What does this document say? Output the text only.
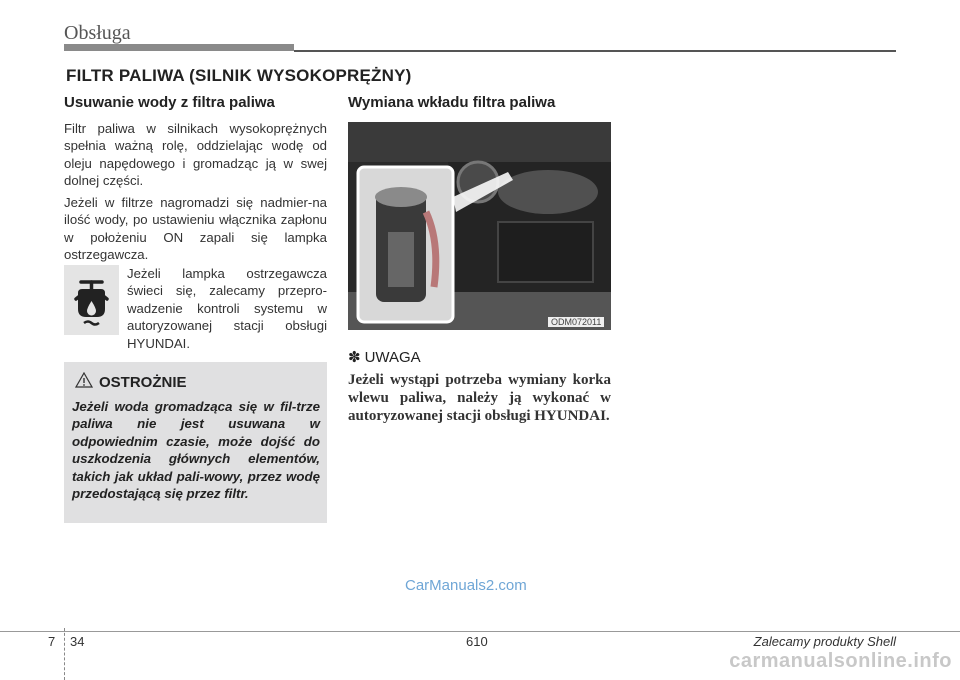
Obsługa
FILTR PALIWA (SILNIK WYSOKOPRĘŻNY)
Usuwanie wody z filtra paliwa
Filtr paliwa w silnikach wysokoprężnych spełnia ważną rolę, oddzielając wodę od oleju napędowego i gromadząc ją w swej dolnej części.
Jeżeli w filtrze nagromadzi się nadmier-na ilość wody, po ustawieniu włącznika zapłonu w położeniu ON zapali się lampka ostrzegawcza.
Jeżeli lampka ostrzegawcza świeci się, zalecamy przepro-wadzenie kontroli systemu w autoryzowanej stacji obsługi HYUNDAI.
OSTROŻNIE
Jeżeli woda gromadząca się w fil-trze paliwa nie jest usuwana w odpowiednim czasie, może dojść do uszkodzenia głównych elementów, takich jak układ pali-wowy, przez wodę przedostającą się przez filtr.
Wymiana wkładu filtra paliwa
ODM072011
✽ UWAGA
Jeżeli wystąpi potrzeba wymiany korka wlewu paliwa, należy ją wykonać w autoryzowanej stacji obsługi HYUNDAI.
CarManuals2.com
7 34	610	Zalecamy produkty Shell
carmanualsonline.info
